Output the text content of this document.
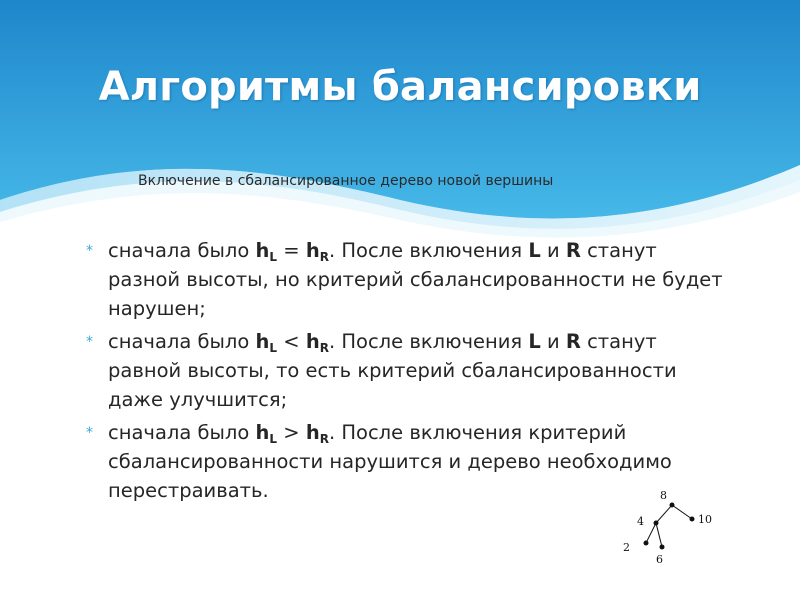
Алгоритмы балансировки
Включение в сбалансированное дерево новой вершины
* сначала было $h_L = h_R$. После включения L и R станут разной высоты, но критерий сбалансированности не будет нарушен;
* сначала было $h_L < h_R$. После включения L и R станут равной высоты, то есть критерий сбалансированности даже улучшится;
* сначала было $h_L > h_R$. После включения критерий сбалансированности нарушится и дерево необходимо перестраивать.	8
4	10
2
6
